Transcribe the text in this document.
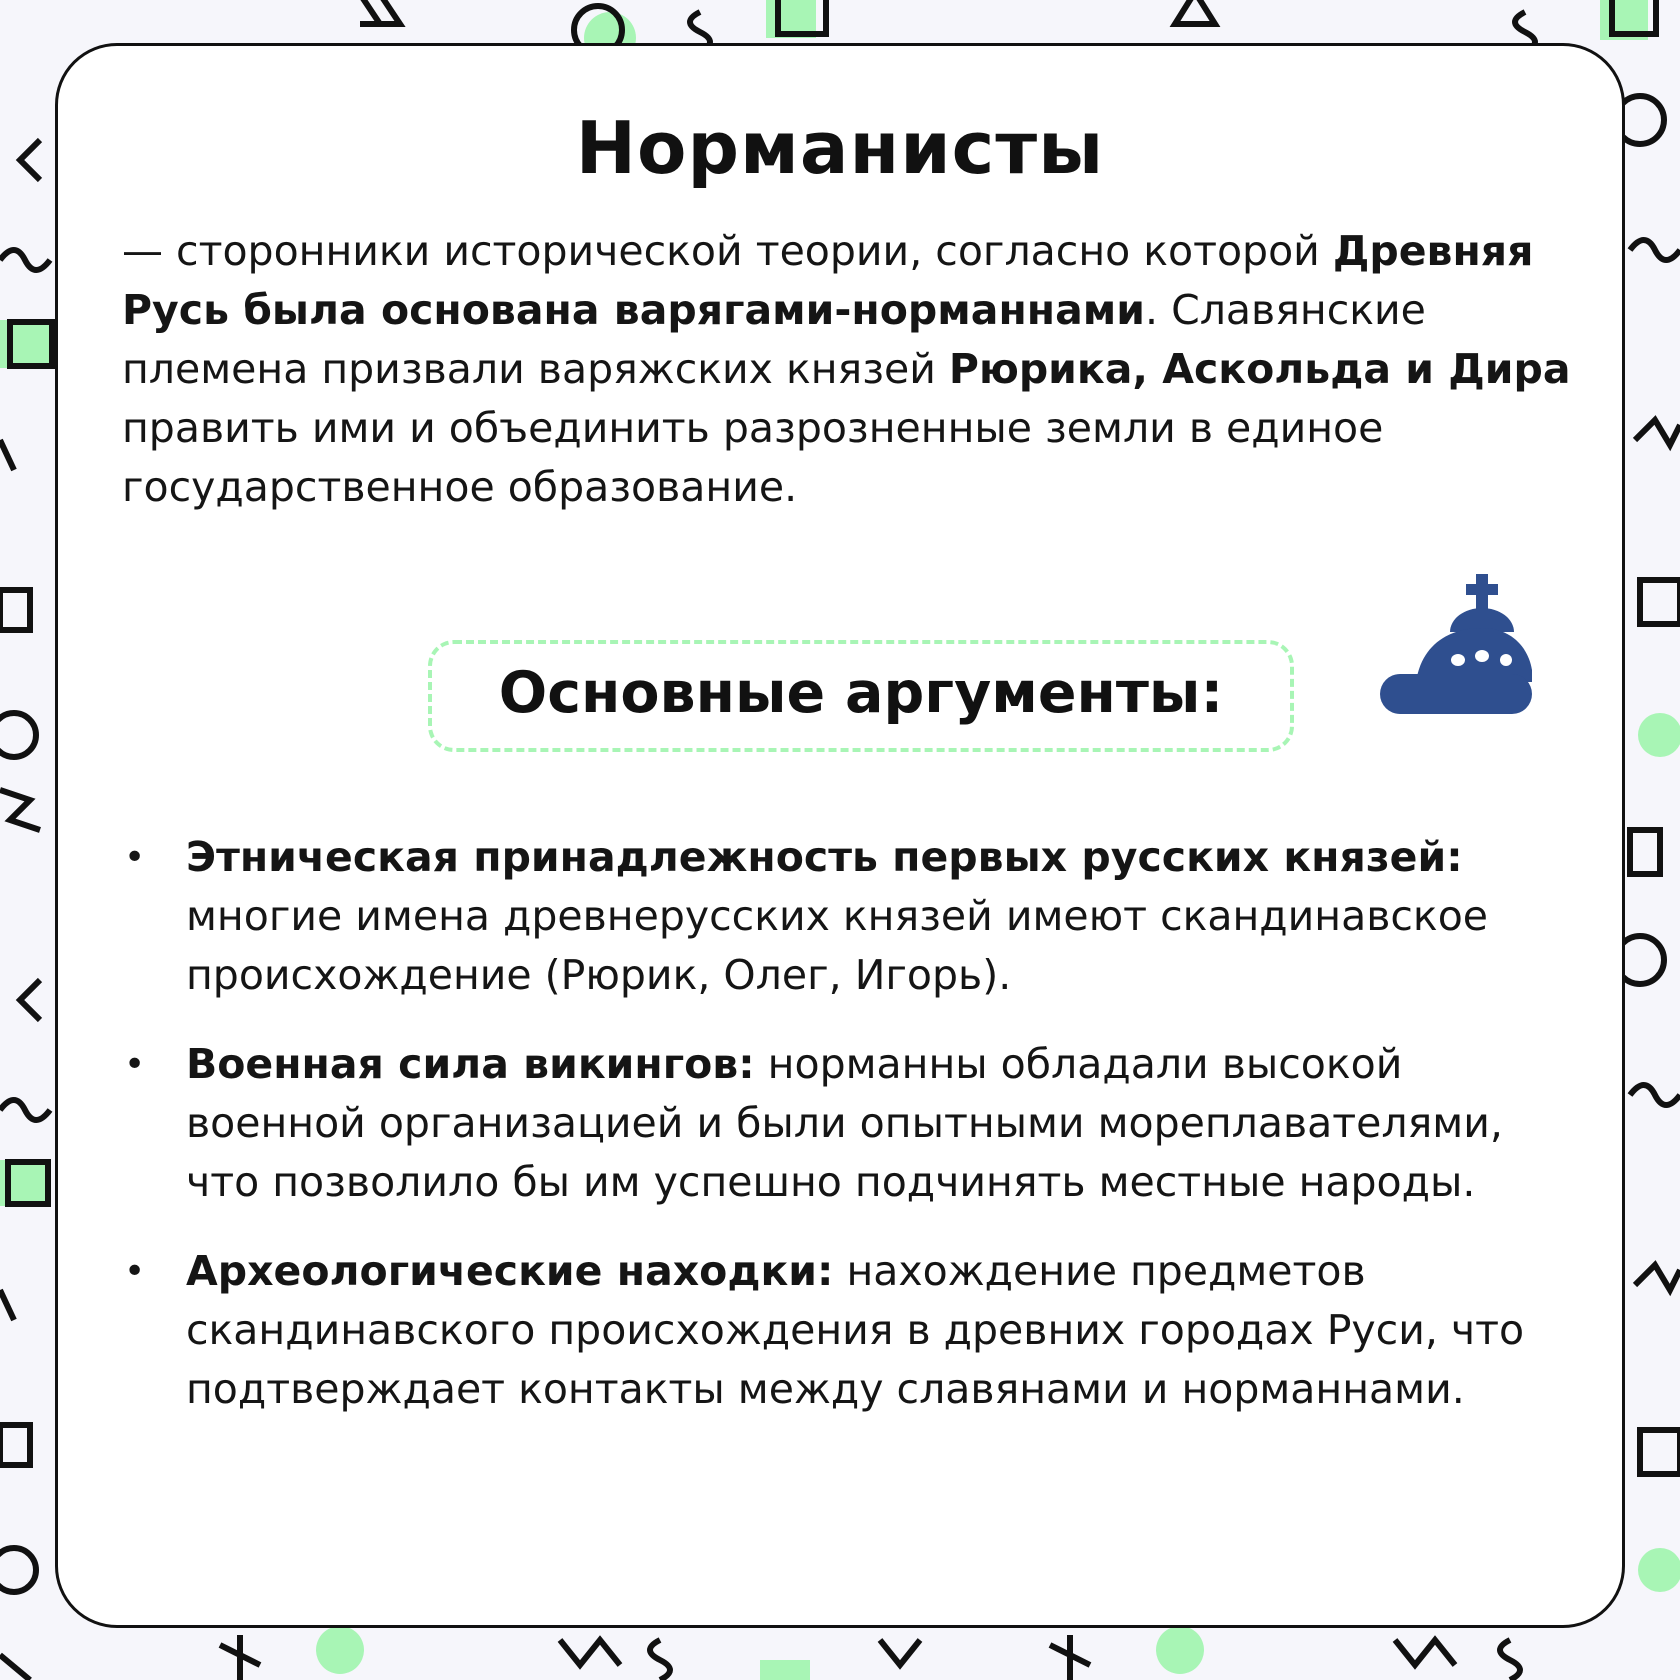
Норманисты
— сторонники исторической теории, согласно которой Древняя Русь была основана варягами-норманнами. Славянские племена призвали варяжских князей Рюрика, Аскольда и Дира править ими и объединить разрозненные земли в единое государственное образование.
Основные аргументы:
• Этническая принадлежность первых русских князей: многие имена древнерусских князей имеют скандинавское происхождение (Рюрик, Олег, Игорь).
• Военная сила викингов: норманны обладали высокой военной организацией и были опытными мореплавателями, что позволило бы им успешно подчинять местные народы.
• Археологические находки: нахождение предметов скандинавского происхождения в древних городах Руси, что подтверждает контакты между славянами и норманнами.
